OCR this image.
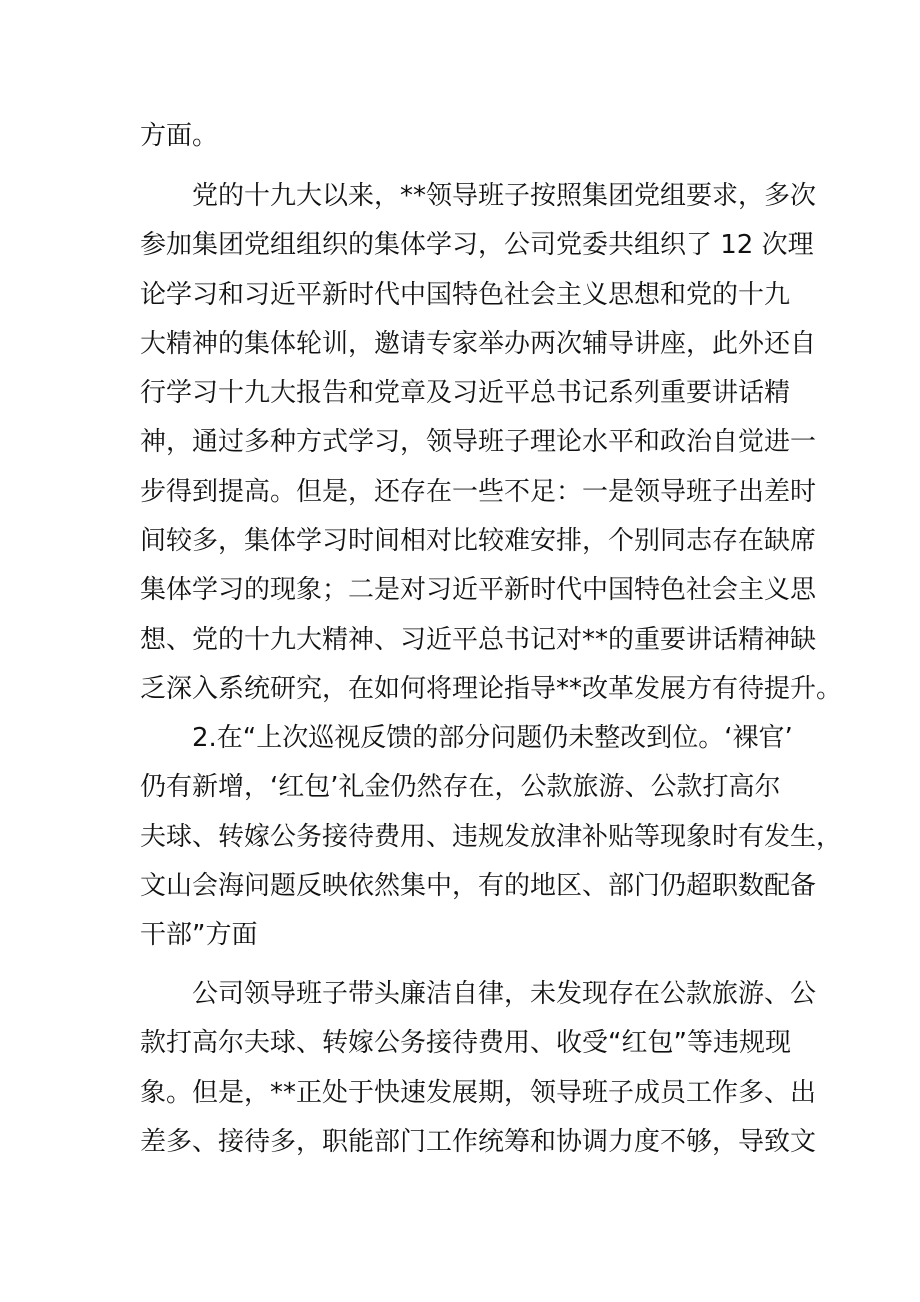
方面。
党的十九大以来，**领导班子按照集团党组要求，多次
参加集团党组组织的集体学习，公司党委共组织了 12 次理
论学习和习近平新时代中国特色社会主义思想和党的十九
大精神的集体轮训，邀请专家举办两次辅导讲座，此外还自
行学习十九大报告和党章及习近平总书记系列重要讲话精
神，通过多种方式学习，领导班子理论水平和政治自觉进一
步得到提高。但是，还存在一些不足：一是领导班子出差时
间较多，集体学习时间相对比较难安排，个别同志存在缺席
集体学习的现象；二是对习近平新时代中国特色社会主义思
想、党的十九大精神、习近平总书记对**的重要讲话精神缺
乏深入系统研究，在如何将理论指导**改革发展方有待提升。
2.在“上次巡视反馈的部分问题仍未整改到位。‘裸官’
仍有新增，‘红包’礼金仍然存在，公款旅游、公款打高尔
夫球、转嫁公务接待费用、违规发放津补贴等现象时有发生，
文山会海问题反映依然集中，有的地区、部门仍超职数配备
干部”方面
公司领导班子带头廉洁自律，未发现存在公款旅游、公
款打高尔夫球、转嫁公务接待费用、收受“红包”等违规现
象。但是，**正处于快速发展期，领导班子成员工作多、出
差多、接待多，职能部门工作统筹和协调力度不够，导致文
